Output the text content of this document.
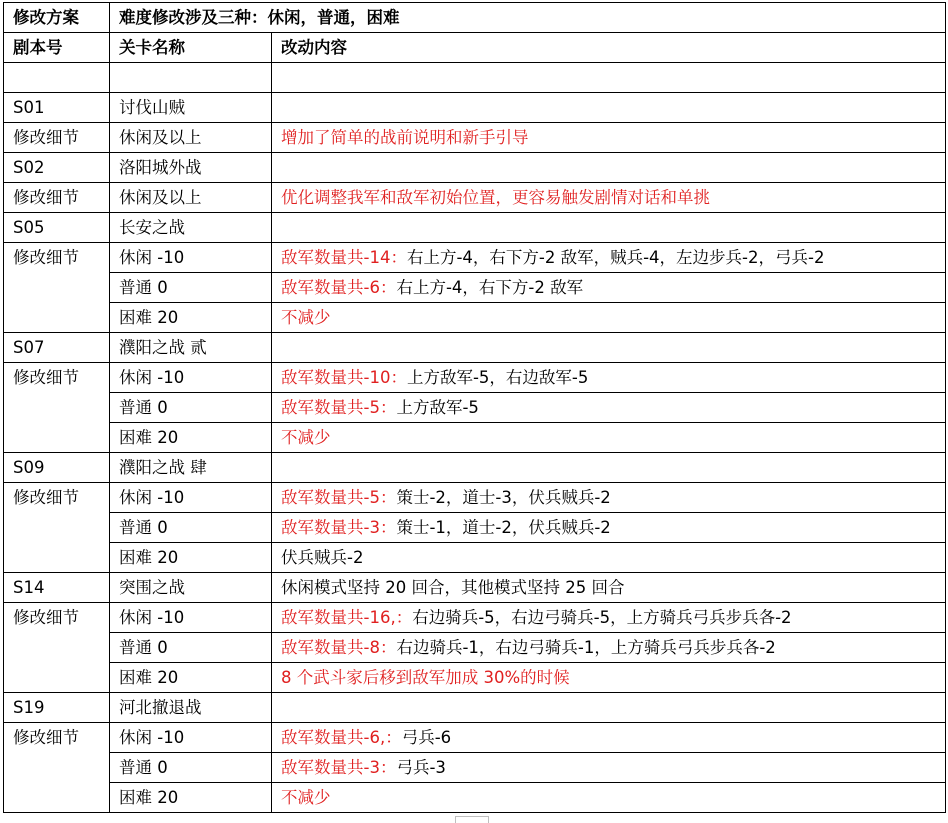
修改方案	难度修改涉及三种：休闲，普通，困难	
剧本号	关卡名称	改动内容

S01	讨伐山贼	
修改细节	休闲及以上	增加了简单的战前说明和新手引导
S02	洛阳城外战	
修改细节	休闲及以上	优化调整我军和敌军初始位置，更容易触发剧情对话和单挑
S05	长安之战	
修改细节	休闲 -10	敌军数量共-14：右上方-4，右下方-2 敌军，贼兵-4，左边步兵-2，弓兵-2
	普通 0	敌军数量共-6：右上方-4，右下方-2 敌军
	困难 20	不减少
S07	濮阳之战 贰	
修改细节	休闲 -10	敌军数量共-10：上方敌军-5，右边敌军-5
	普通 0	敌军数量共-5：上方敌军-5
	困难 20	不减少
S09	濮阳之战 肆	
修改细节	休闲 -10	敌军数量共-5：策士-2，道士-3，伏兵贼兵-2
	普通 0	敌军数量共-3：策士-1，道士-2，伏兵贼兵-2
	困难 20	伏兵贼兵-2
S14	突围之战	休闲模式坚持 20 回合，其他模式坚持 25 回合
修改细节	休闲 -10	敌军数量共-16,：右边骑兵-5，右边弓骑兵-5，上方骑兵弓兵步兵各-2
	普通 0	敌军数量共-8：右边骑兵-1，右边弓骑兵-1，上方骑兵弓兵步兵各-2
	困难 20	8 个武斗家后移到敌军加成 30%的时候
S19	河北撤退战	
修改细节	休闲 -10	敌军数量共-6,：弓兵-6
	普通 0	敌军数量共-3：弓兵-3
	困难 20	不减少
